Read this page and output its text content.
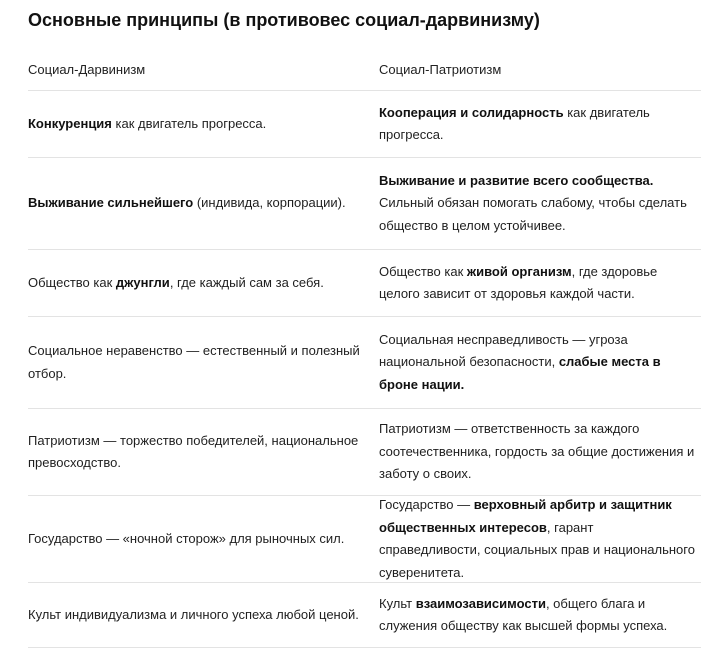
Основные принципы (в противовес социал-дарвинизму)
Социал-Дарвинизм	Социал-Патриотизм
Конкуренция как двигатель прогресса.
Кооперация и солидарность как двигатель прогресса.
Выживание сильнейшего (индивида, корпорации).
Выживание и развитие всего сообщества. Сильный обязан помогать слабому, чтобы сделать общество в целом устойчивее.
Общество как джунгли, где каждый сам за себя.
Общество как живой организм, где здоровье целого зависит от здоровья каждой части.
Социальное неравенство — естественный и полезный отбор.
Социальная несправедливость — угроза национальной безопасности, слабые места в броне нации.
Патриотизм — торжество победителей, национальное превосходство.
Патриотизм — ответственность за каждого соотечественника, гордость за общие достижения и заботу о своих.
Государство — «ночной сторож» для рыночных сил.
Государство — верховный арбитр и защитник общественных интересов, гарант справедливости, социальных прав и национального суверенитета.
Культ индивидуализма и личного успеха любой ценой.
Культ взаимозависимости, общего блага и служения обществу как высшей формы успеха.
